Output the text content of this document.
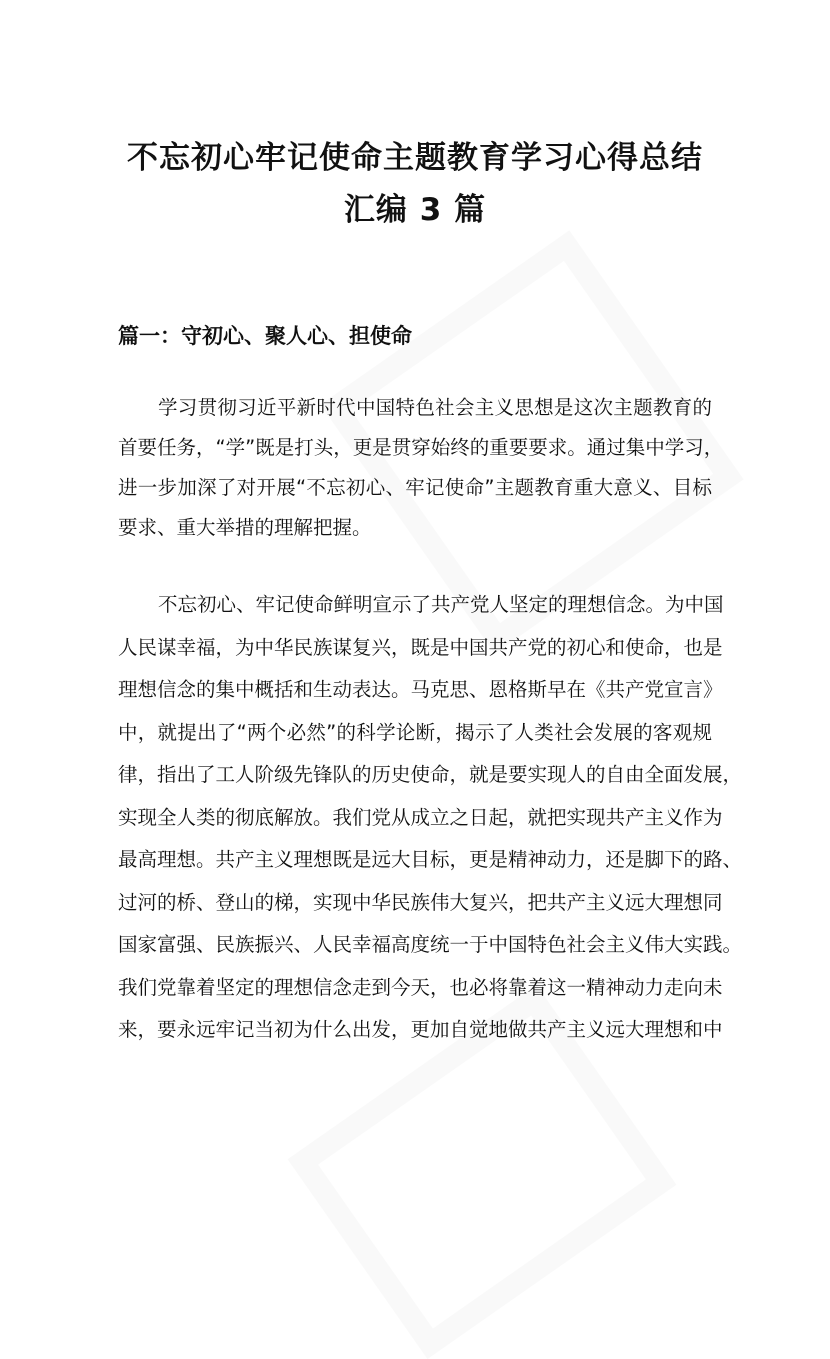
不忘初心牢记使命主题教育学习心得总结
汇编 3 篇
篇一：守初心、聚人心、担使命
学习贯彻习近平新时代中国特色社会主义思想是这次主题教育的
首要任务，“学”既是打头，更是贯穿始终的重要要求。通过集中学习，
进一步加深了对开展“不忘初心、牢记使命”主题教育重大意义、目标
要求、重大举措的理解把握。
不忘初心、牢记使命鲜明宣示了共产党人坚定的理想信念。为中国
人民谋幸福，为中华民族谋复兴，既是中国共产党的初心和使命，也是
理想信念的集中概括和生动表达。马克思、恩格斯早在《共产党宣言》
中，就提出了“两个必然”的科学论断，揭示了人类社会发展的客观规
律，指出了工人阶级先锋队的历史使命，就是要实现人的自由全面发展，
实现全人类的彻底解放。我们党从成立之日起，就把实现共产主义作为
最高理想。共产主义理想既是远大目标，更是精神动力，还是脚下的路、
过河的桥、登山的梯，实现中华民族伟大复兴，把共产主义远大理想同
国家富强、民族振兴、人民幸福高度统一于中国特色社会主义伟大实践。
我们党靠着坚定的理想信念走到今天，也必将靠着这一精神动力走向未
来，要永远牢记当初为什么出发，更加自觉地做共产主义远大理想和中
